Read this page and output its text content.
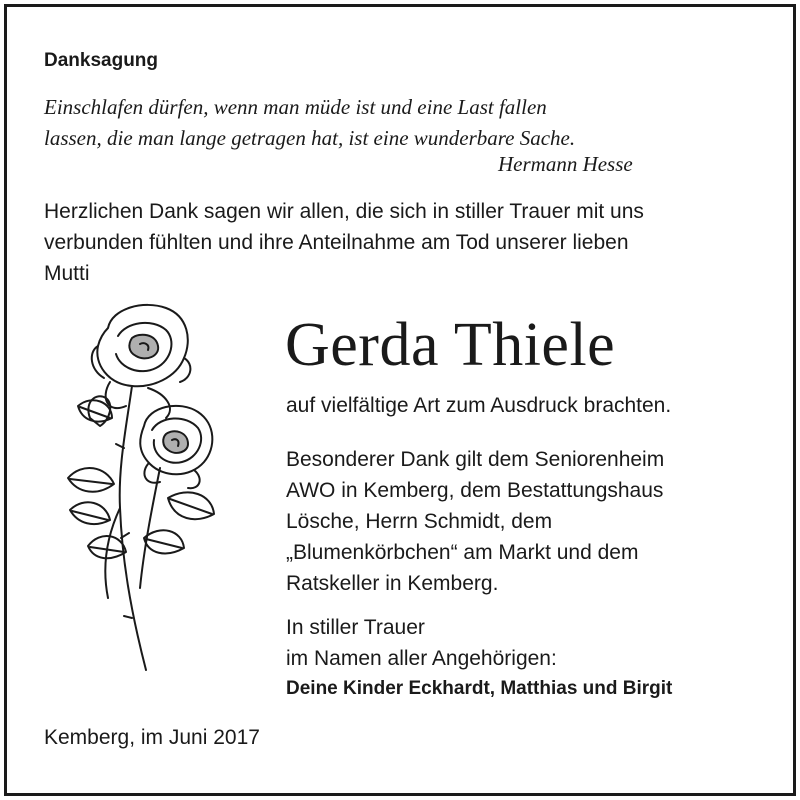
Danksagung
Einschlafen dürfen, wenn man müde ist und eine Last fallen
lassen, die man lange getragen hat, ist eine wunderbare Sache.
Hermann Hesse
Herzlichen Dank sagen wir allen, die sich in stiller Trauer mit uns
verbunden fühlten und ihre Anteilnahme am Tod unserer lieben
Mutti
Gerda Thiele
auf vielfältige Art zum Ausdruck brachten.
Besonderer Dank gilt dem Seniorenheim
AWO in Kemberg, dem Bestattungshaus
Lösche, Herrn Schmidt, dem
„Blumenkörbchen“ am Markt und dem
Ratskeller in Kemberg.
In stiller Trauer
im Namen aller Angehörigen:
Deine Kinder Eckhardt, Matthias und Birgit
Kemberg, im Juni 2017
